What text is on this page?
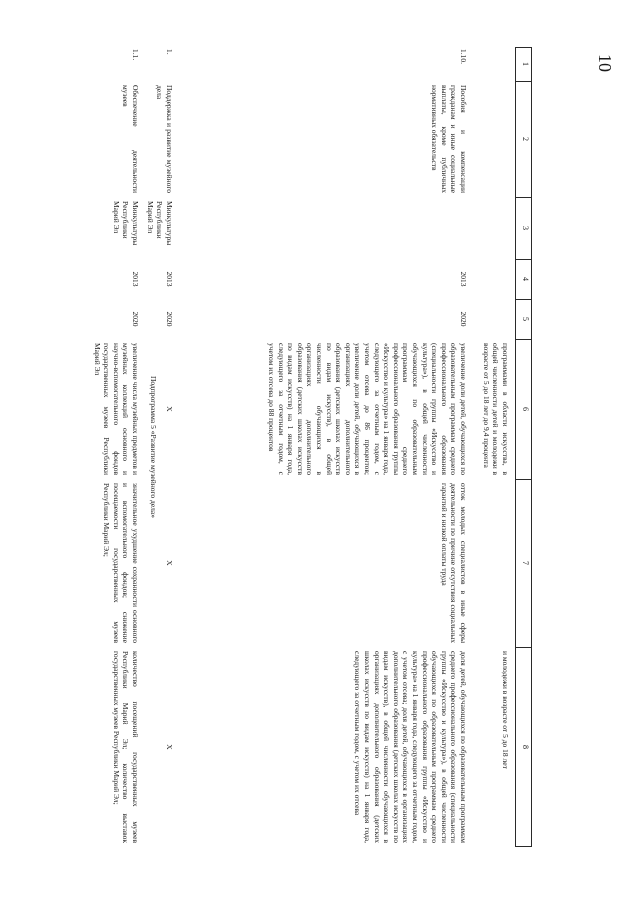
10
1
2
3
4
5
6
7
8
программами в области искусства, в общей численности детей и молодежи в возрасте от 5 до 18 лет до 9,4 процента
и молодежи в возрасте от 5 до 18 лет
1.10.
Пособия и компенсации гражданам и иные социальные выплаты, кроме публичных нормативных обязательств
2013
2020
увеличение доли детей, обучающихся по образовательным программам среднего профессионального образования (специальности группы «Искусство и культура»), в общей численности обучающихся по образовательным программам среднего профессионального образования группы «Искусство и культура» на 1 января года, следующего за отчетным годом, с учетом отсева до 86 процентов; увеличение доли детей, обучающихся в организациях дополнительного образования (детских школах искусств по видам искусств), в общей численности обучающихся в организациях дополнительного образования (детских школах искусств по видам искусств) на 1 января года, следующего за отчетным годом, с учетом их отсева до 88 процентов
отток молодых специалистов в иные сферы деятельности по причине отсутствия социальных гарантий и низкой оплаты труда
доля детей, обучающихся по образовательным программам среднего профессионального образования (специальности группы «Искусство и культура»), в общей численности обучающихся по образовательным программам среднего профессионального образования группы «Искусство и культура» на 1 января года, следующего за отчетным годом, с учетом отсева; доля детей, обучающихся в организациях дополнительного образования (детских школах искусств по видам искусств), в общей численности обучающихся в организациях дополнительного образования (детских школах искусств по видам искусств) на 1 января года, следующего за отчетным годом, с учетом их отсева
Подпрограмма 5 «Развитие музейного дела»
1.
Поддержка и развитие музейного дела
Минкультуры Республики Марий Эл
2013
2020
X
X
X
1.1.
Обеспечение деятельности музеев
Минкультуры Республики Марий Эл
2013
2020
увеличение числа музейных предметов и музейных коллекций основного и научно-вспомогательного фондов государственных музеев Республики Марий Эл
значительное ухудшение сохранности основного и вспомогательного фондов; снижение посещаемости государственных музеев Республики Марий Эл;
количество посещений государственных музеев Республики Марий Эл; количество выставок государственных музеев Республики Марий Эл;
